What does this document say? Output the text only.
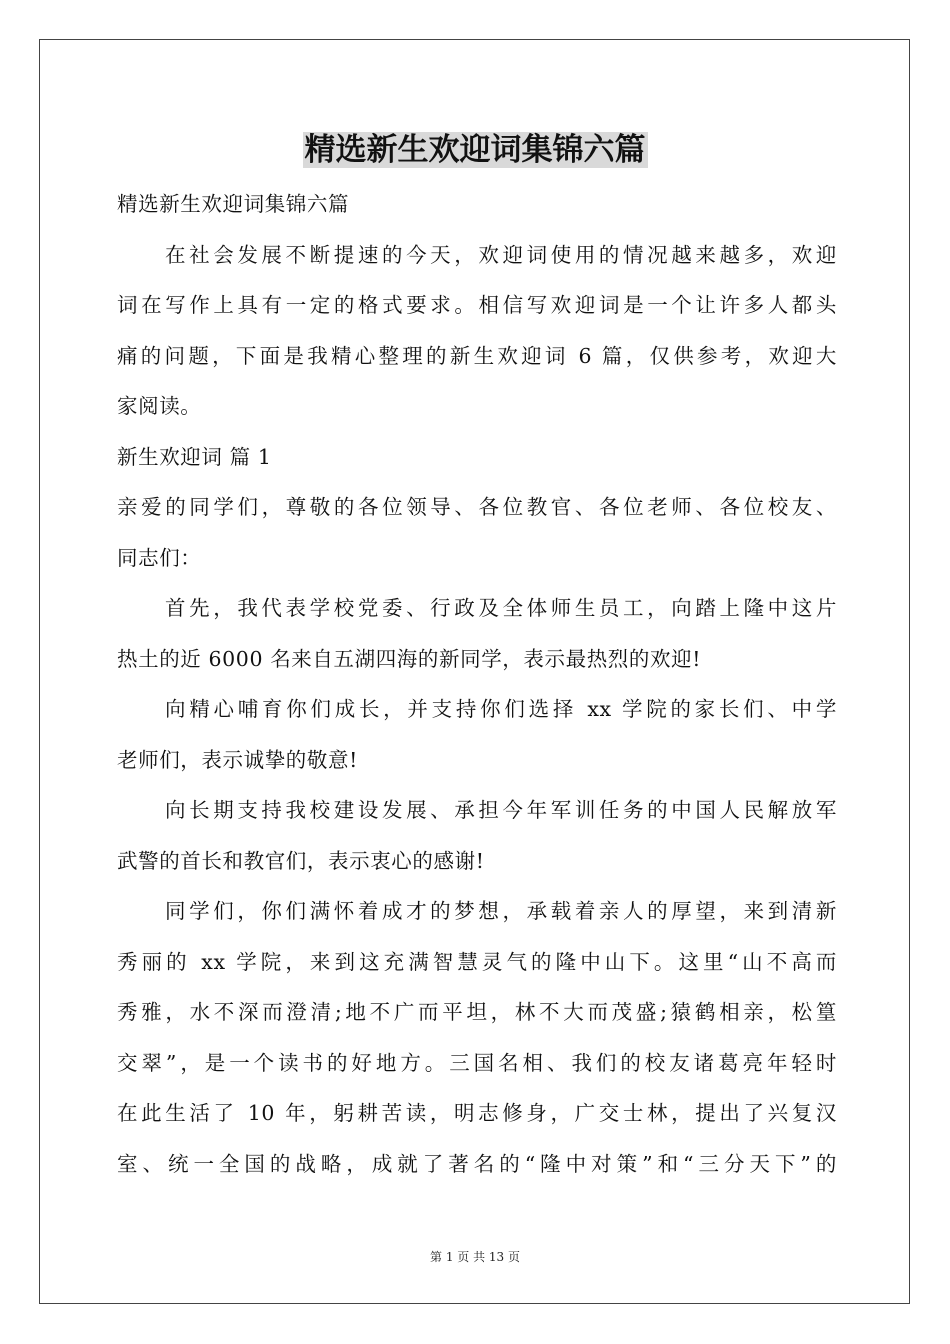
精选新生欢迎词集锦六篇
精选新生欢迎词集锦六篇
在社会发展不断提速的今天，欢迎词使用的情况越来越多，欢迎
词在写作上具有一定的格式要求。相信写欢迎词是一个让许多人都头
痛的问题，下面是我精心整理的新生欢迎词 6 篇，仅供参考，欢迎大
家阅读。
新生欢迎词 篇 1
亲爱的同学们，尊敬的各位领导、各位教官、各位老师、各位校友、
同志们：
首先，我代表学校党委、行政及全体师生员工，向踏上隆中这片
热土的近 6000 名来自五湖四海的新同学，表示最热烈的欢迎!
向精心哺育你们成长，并支持你们选择 xx 学院的家长们、中学
老师们，表示诚挚的敬意!
向长期支持我校建设发展、承担今年军训任务的中国人民解放军
武警的首长和教官们，表示衷心的感谢!
同学们，你们满怀着成才的梦想，承载着亲人的厚望，来到清新
秀丽的 xx 学院，来到这充满智慧灵气的隆中山下。这里“山不高而
秀雅，水不深而澄清;地不广而平坦，林不大而茂盛;猿鹤相亲，松篁
交翠”，是一个读书的好地方。三国名相、我们的校友诸葛亮年轻时
在此生活了 10 年，躬耕苦读，明志修身，广交士林，提出了兴复汉
室、统一全国的战略，成就了著名的“隆中对策”和“三分天下”的
第 1 页 共 13 页
